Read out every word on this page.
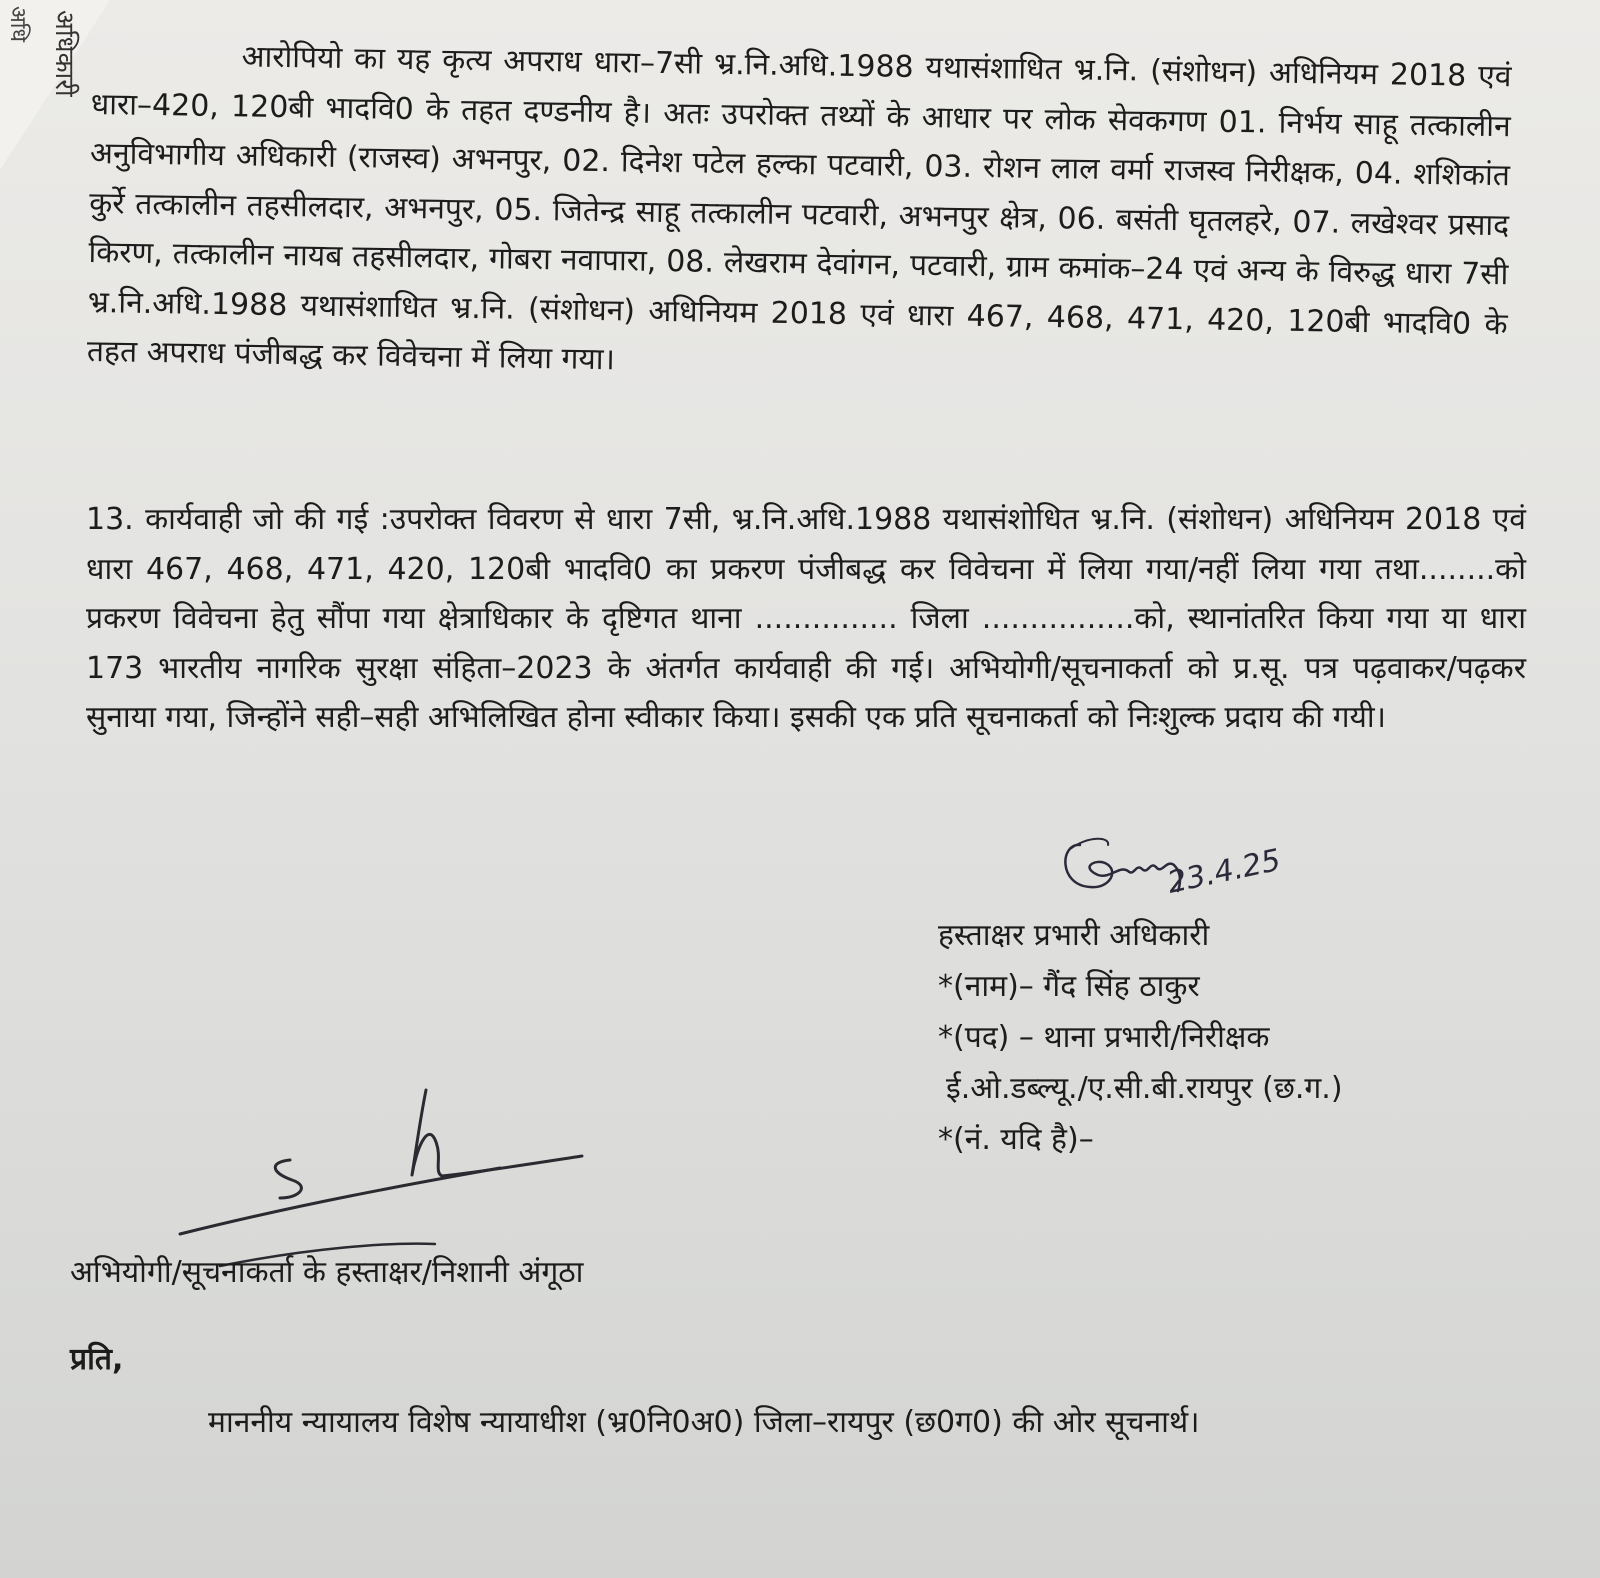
अधिकारी
अधि

आरोपियो का यह कृत्य अपराध धारा–7सी भ्र.नि.अधि.1988 यथासंशाधित भ्र.नि. (संशोधन) अधिनियम 2018 एवं धारा–420, 120बी भादवि0 के तहत दण्डनीय है। अतः उपरोक्त तथ्यों के आधार पर लोक सेवकगण 01. निर्भय साहू तत्कालीन अनुविभागीय अधिकारी (राजस्व) अभनपुर, 02. दिनेश पटेल हल्का पटवारी, 03. रोशन लाल वर्मा राजस्व निरीक्षक, 04. शशिकांत कुर्रे तत्कालीन तहसीलदार, अभनपुर, 05. जितेन्द्र साहू तत्कालीन पटवारी, अभनपुर क्षेत्र, 06. बसंती घृतलहरे, 07. लखेश्वर प्रसाद किरण, तत्कालीन नायब तहसीलदार, गोबरा नवापारा, 08. लेखराम देवांगन, पटवारी, ग्राम कमांक–24 एवं अन्य के विरुद्ध धारा 7सी भ्र.नि.अधि.1988 यथासंशाधित भ्र.नि. (संशोधन) अधिनियम 2018 एवं धारा 467, 468, 471, 420, 120बी भादवि0 के तहत अपराध पंजीबद्ध कर विवेचना में लिया गया।

13. कार्यवाही जो की गई :उपरोक्त विवरण से धारा 7सी, भ्र.नि.अधि.1988 यथासंशोधित भ्र.नि. (संशोधन) अधिनियम 2018 एवं धारा 467, 468, 471, 420, 120बी भादवि0 का प्रकरण पंजीबद्ध कर विवेचना में लिया गया/नहीं लिया गया तथा........को प्रकरण विवेचना हेतु सौंपा गया क्षेत्राधिकार के दृष्टिगत थाना ............... जिला ................को, स्थानांतरित किया गया या धारा 173 भारतीय नागरिक सुरक्षा संहिता–2023 के अंतर्गत कार्यवाही की गई। अभियोगी/सूचनाकर्ता को प्र.सू. पत्र पढ़वाकर/पढ़कर सुनाया गया, जिन्होंने सही–सही अभिलिखित होना स्वीकार किया। इसकी एक प्रति सूचनाकर्ता को निःशुल्क प्रदाय की गयी।

23.4.25
हस्ताक्षर प्रभारी अधिकारी
*(नाम)– गैंद सिंह ठाकुर
*(पद) – थाना प्रभारी/निरीक्षक
ई.ओ.डब्ल्यू./ए.सी.बी.रायपुर (छ.ग.)
*(नं. यदि है)–
अभियोगी/सूचनाकर्ता के हस्ताक्षर/निशानी अंगूठा
प्रति,
माननीय न्यायालय विशेष न्यायाधीश (भ्र0नि0अ0) जिला–रायपुर (छ0ग0) की ओर सूचनार्थ।
